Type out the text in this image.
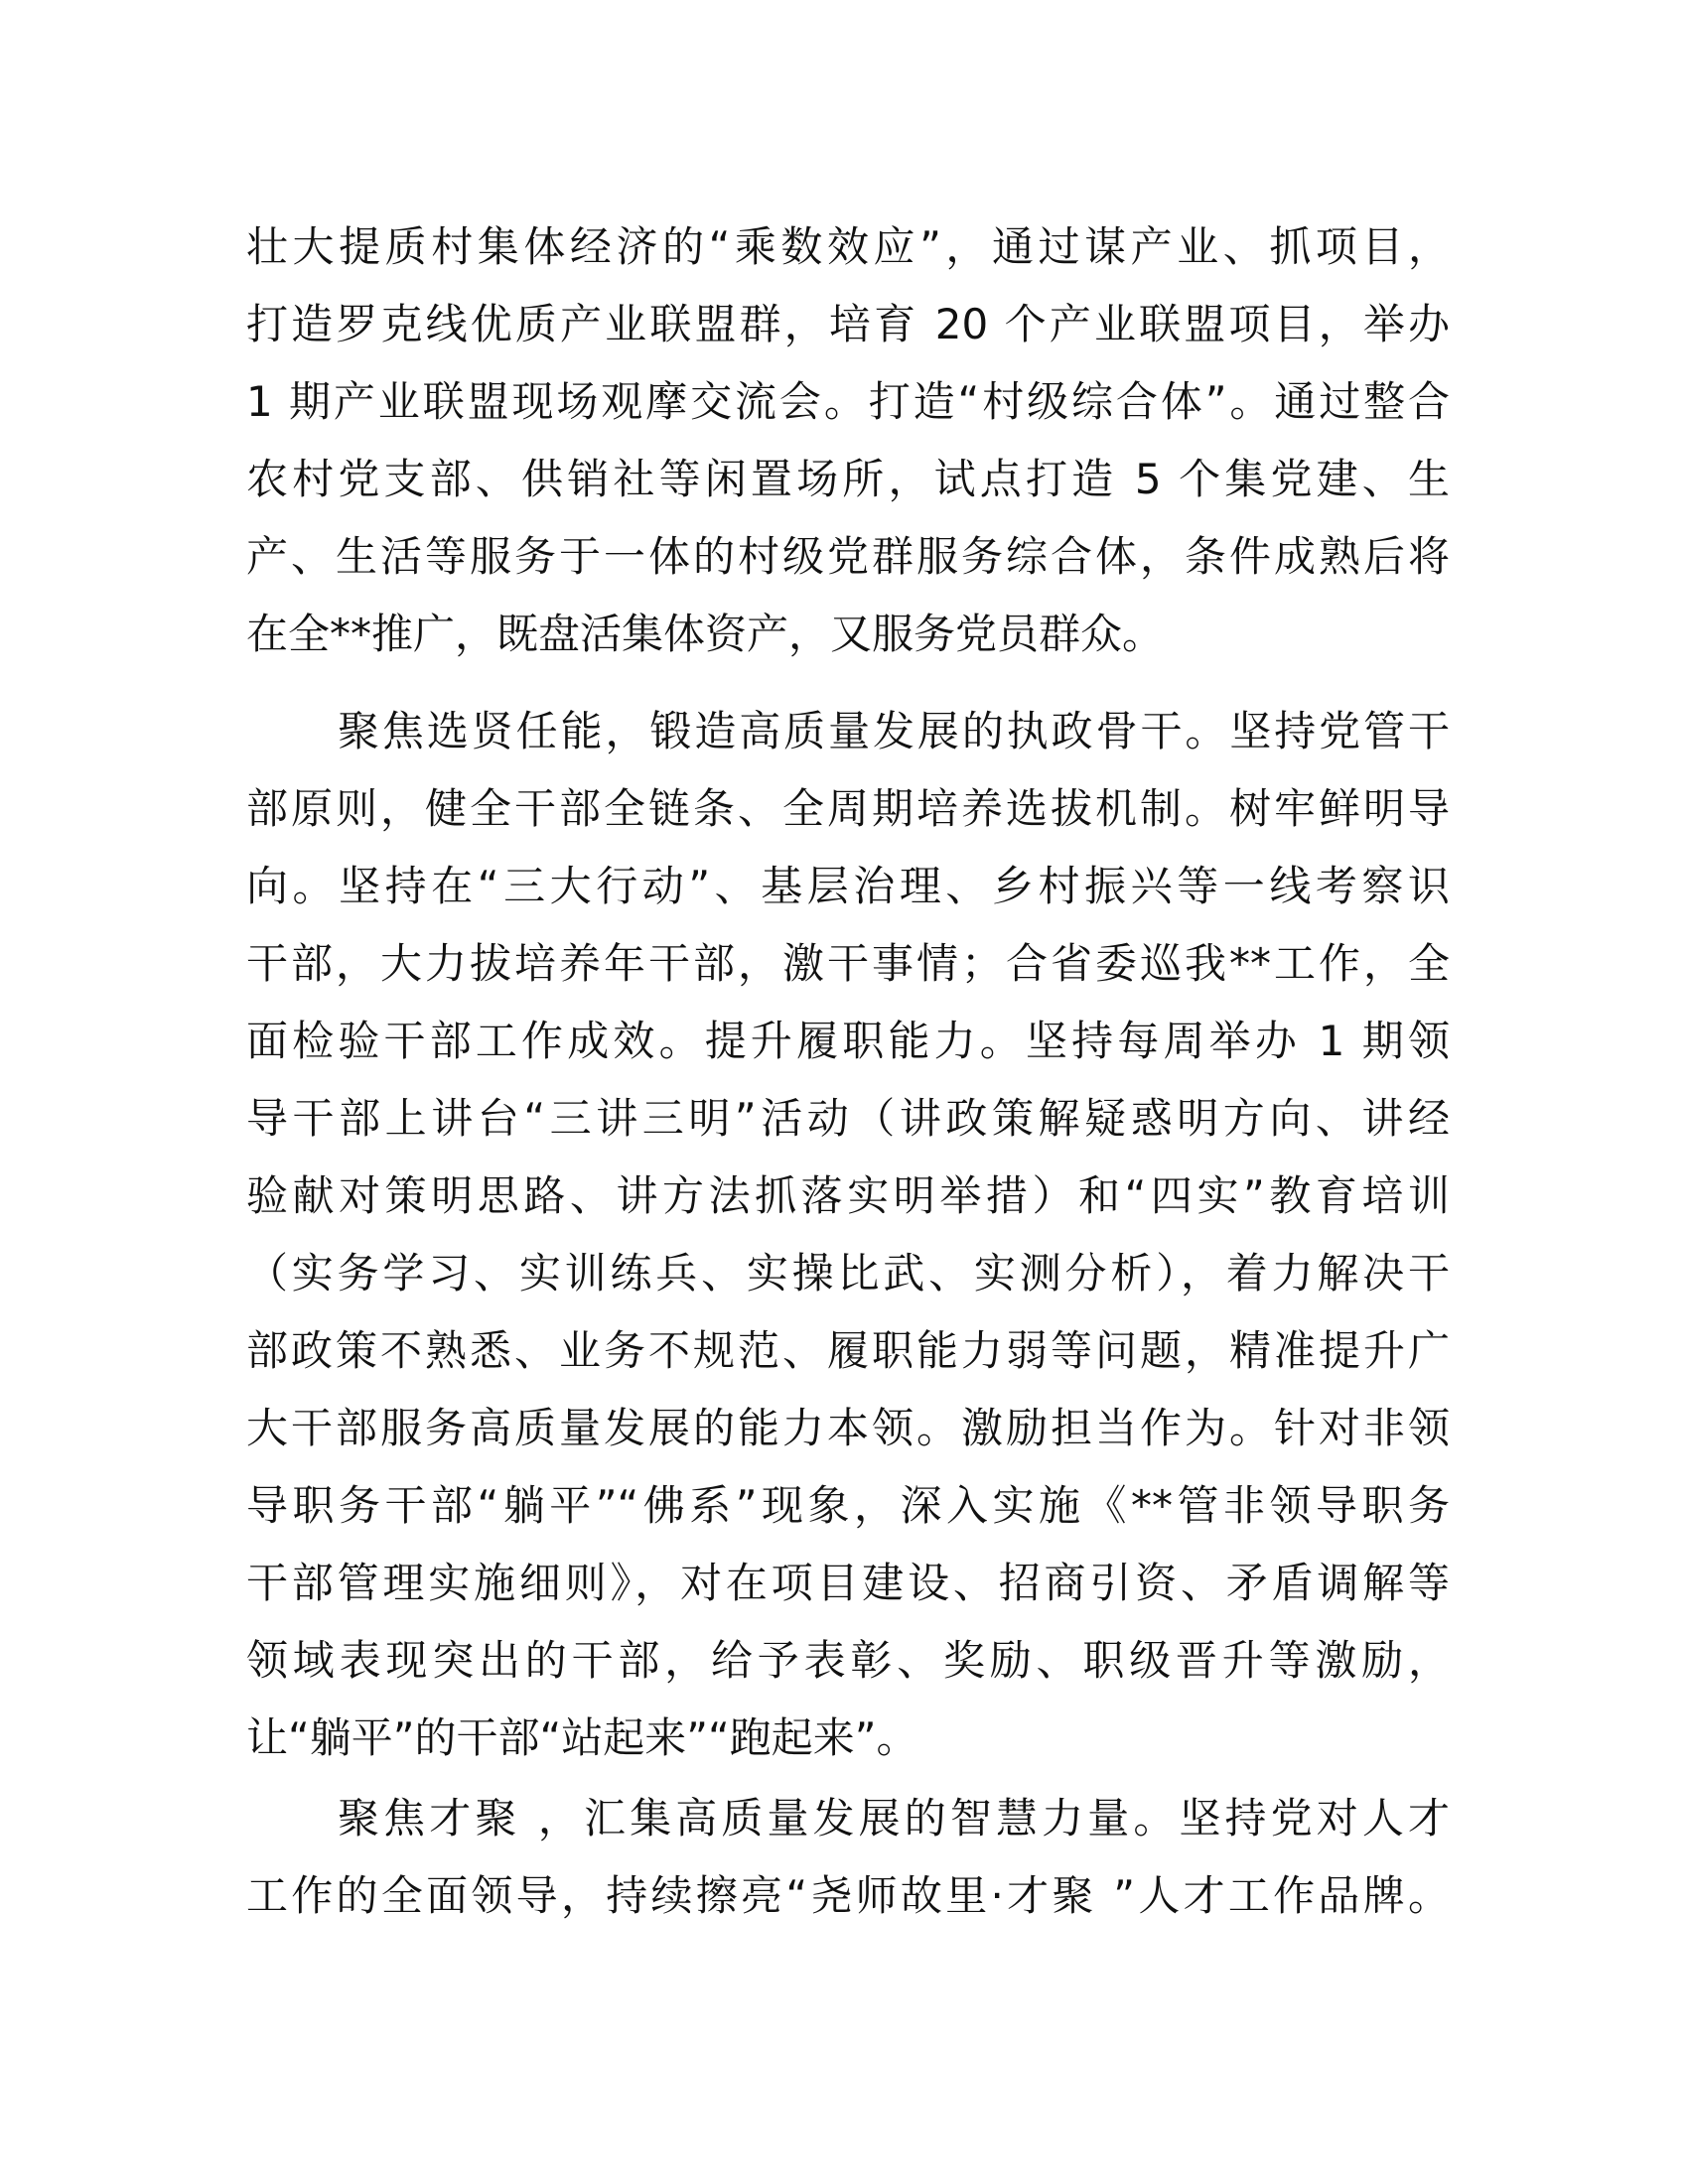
壮大提质村集体经济的“乘数效应”，通过谋产业、抓项目，
打造罗克线优质产业联盟群，培育 20 个产业联盟项目，举办
1 期产业联盟现场观摩交流会。打造“村级综合体”。通过整合
农村党支部、供销社等闲置场所，试点打造 5 个集党建、生
产、生活等服务于一体的村级党群服务综合体，条件成熟后将
在全**推广，既盘活集体资产，又服务党员群众。
聚焦选贤任能，锻造高质量发展的执政骨干。坚持党管干
部原则，健全干部全链条、全周期培养选拔机制。树牢鲜明导
向。坚持在“三大行动”、基层治理、乡村振兴等一线考察识
干部，大力拔培养年干部，激干事情；合省委巡我**工作，全
面检验干部工作成效。提升履职能力。坚持每周举办 1 期领
导干部上讲台“三讲三明”活动（讲政策解疑惑明方向、讲经
验献对策明思路、讲方法抓落实明举措）和“四实”教育培训
（实务学习、实训练兵、实操比武、实测分析），着力解决干
部政策不熟悉、业务不规范、履职能力弱等问题，精准提升广
大干部服务高质量发展的能力本领。激励担当作为。针对非领
导职务干部“躺平”“佛系”现象，深入实施《**管非领导职务
干部管理实施细则》，对在项目建设、招商引资、矛盾调解等
领域表现突出的干部，给予表彰、奖励、职级晋升等激励，
让“躺平”的干部“站起来”“跑起来”。
聚焦才聚 ，汇集高质量发展的智慧力量。坚持党对人才
工作的全面领导，持续擦亮“尧师故里·才聚 ”人才工作品牌。
